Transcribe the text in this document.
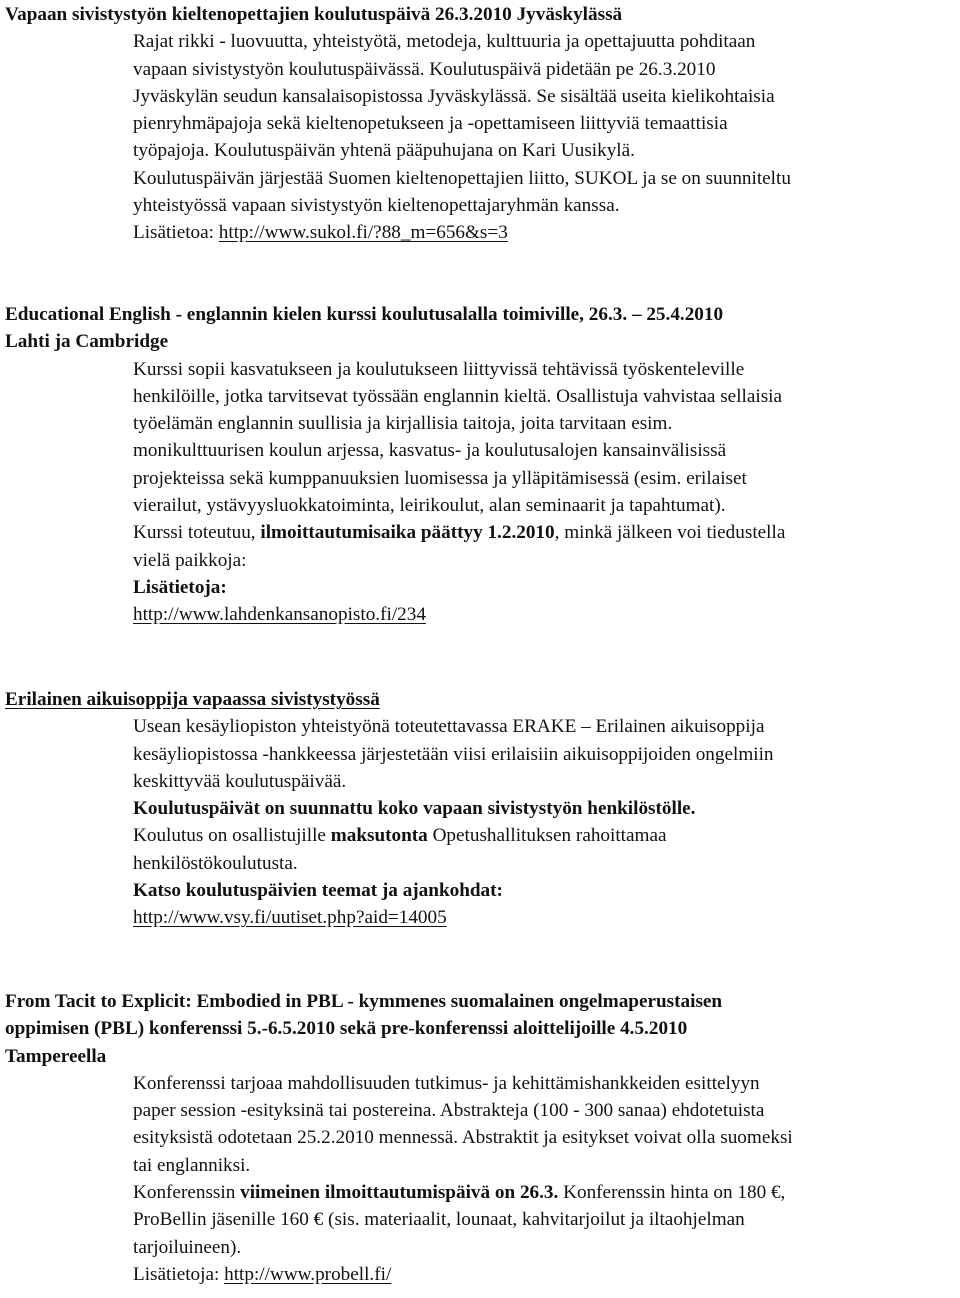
Vapaan sivistystyön kieltenopettajien koulutuspäivä 26.3.2010 Jyväskylässä
Rajat rikki - luovuutta, yhteistyötä, metodeja, kulttuuria ja opettajuutta pohditaan
vapaan sivistystyön koulutuspäivässä. Koulutuspäivä pidetään pe 26.3.2010
Jyväskylän seudun kansalaisopistossa Jyväskylässä. Se sisältää useita kielikohtaisia
pienryhmäpajoja sekä kieltenopetukseen ja -opettamiseen liittyviä temaattisia
työpajoja. Koulutuspäivän yhtenä pääpuhujana on Kari Uusikylä.
Koulutuspäivän järjestää Suomen kieltenopettajien liitto, SUKOL ja se on suunniteltu
yhteistyössä vapaan sivistystyön kieltenopettajaryhmän kanssa.
Lisätietoa: http://www.sukol.fi/?88_m=656&s=3
Educational English - englannin kielen kurssi koulutusalalla toimiville, 26.3. – 25.4.2010
Lahti ja Cambridge
Kurssi sopii kasvatukseen ja koulutukseen liittyvissä tehtävissä työskenteleville
henkilöille, jotka tarvitsevat työssään englannin kieltä. Osallistuja vahvistaa sellaisia
työelämän englannin suullisia ja kirjallisia taitoja, joita tarvitaan esim.
monikulttuurisen koulun arjessa, kasvatus- ja koulutusalojen kansainvälisissä
projekteissa sekä kumppanuuksien luomisessa ja ylläpitämisessä (esim. erilaiset
vierailut, ystävyysluokkatoiminta, leirikoulut, alan seminaarit ja tapahtumat).
Kurssi toteutuu, ilmoittautumisaika päättyy 1.2.2010, minkä jälkeen voi tiedustella
vielä paikkoja:
Lisätietoja:
http://www.lahdenkansanopisto.fi/234
Erilainen aikuisoppija vapaassa sivistystyössä
Usean kesäyliopiston yhteistyönä toteutettavassa ERAKE – Erilainen aikuisoppija
kesäyliopistossa -hankkeessa järjestetään viisi erilaisiin aikuisoppijoiden ongelmiin
keskittyvää koulutuspäivää.
Koulutuspäivät on suunnattu koko vapaan sivistystyön henkilöstölle.
Koulutus on osallistujille maksutonta Opetushallituksen rahoittamaa
henkilöstökoulutusta.
Katso koulutuspäivien teemat ja ajankohdat:
http://www.vsy.fi/uutiset.php?aid=14005
From Tacit to Explicit: Embodied in PBL - kymmenes suomalainen ongelmaperustaisen
oppimisen (PBL) konferenssi 5.-6.5.2010 sekä pre-konferenssi aloittelijoille 4.5.2010
Tampereella
Konferenssi tarjoaa mahdollisuuden tutkimus- ja kehittämishankkeiden esittelyyn
paper session -esityksinä tai postereina. Abstrakteja (100 - 300 sanaa) ehdotetuista
esityksistä odotetaan 25.2.2010 mennessä. Abstraktit ja esitykset voivat olla suomeksi
tai englanniksi.
Konferenssin viimeinen ilmoittautumispäivä on 26.3. Konferenssin hinta on 180 €,
ProBellin jäsenille 160 € (sis. materiaalit, lounaat, kahvitarjoilut ja iltaohjelman
tarjoiluineen).
Lisätietoja: http://www.probell.fi/
